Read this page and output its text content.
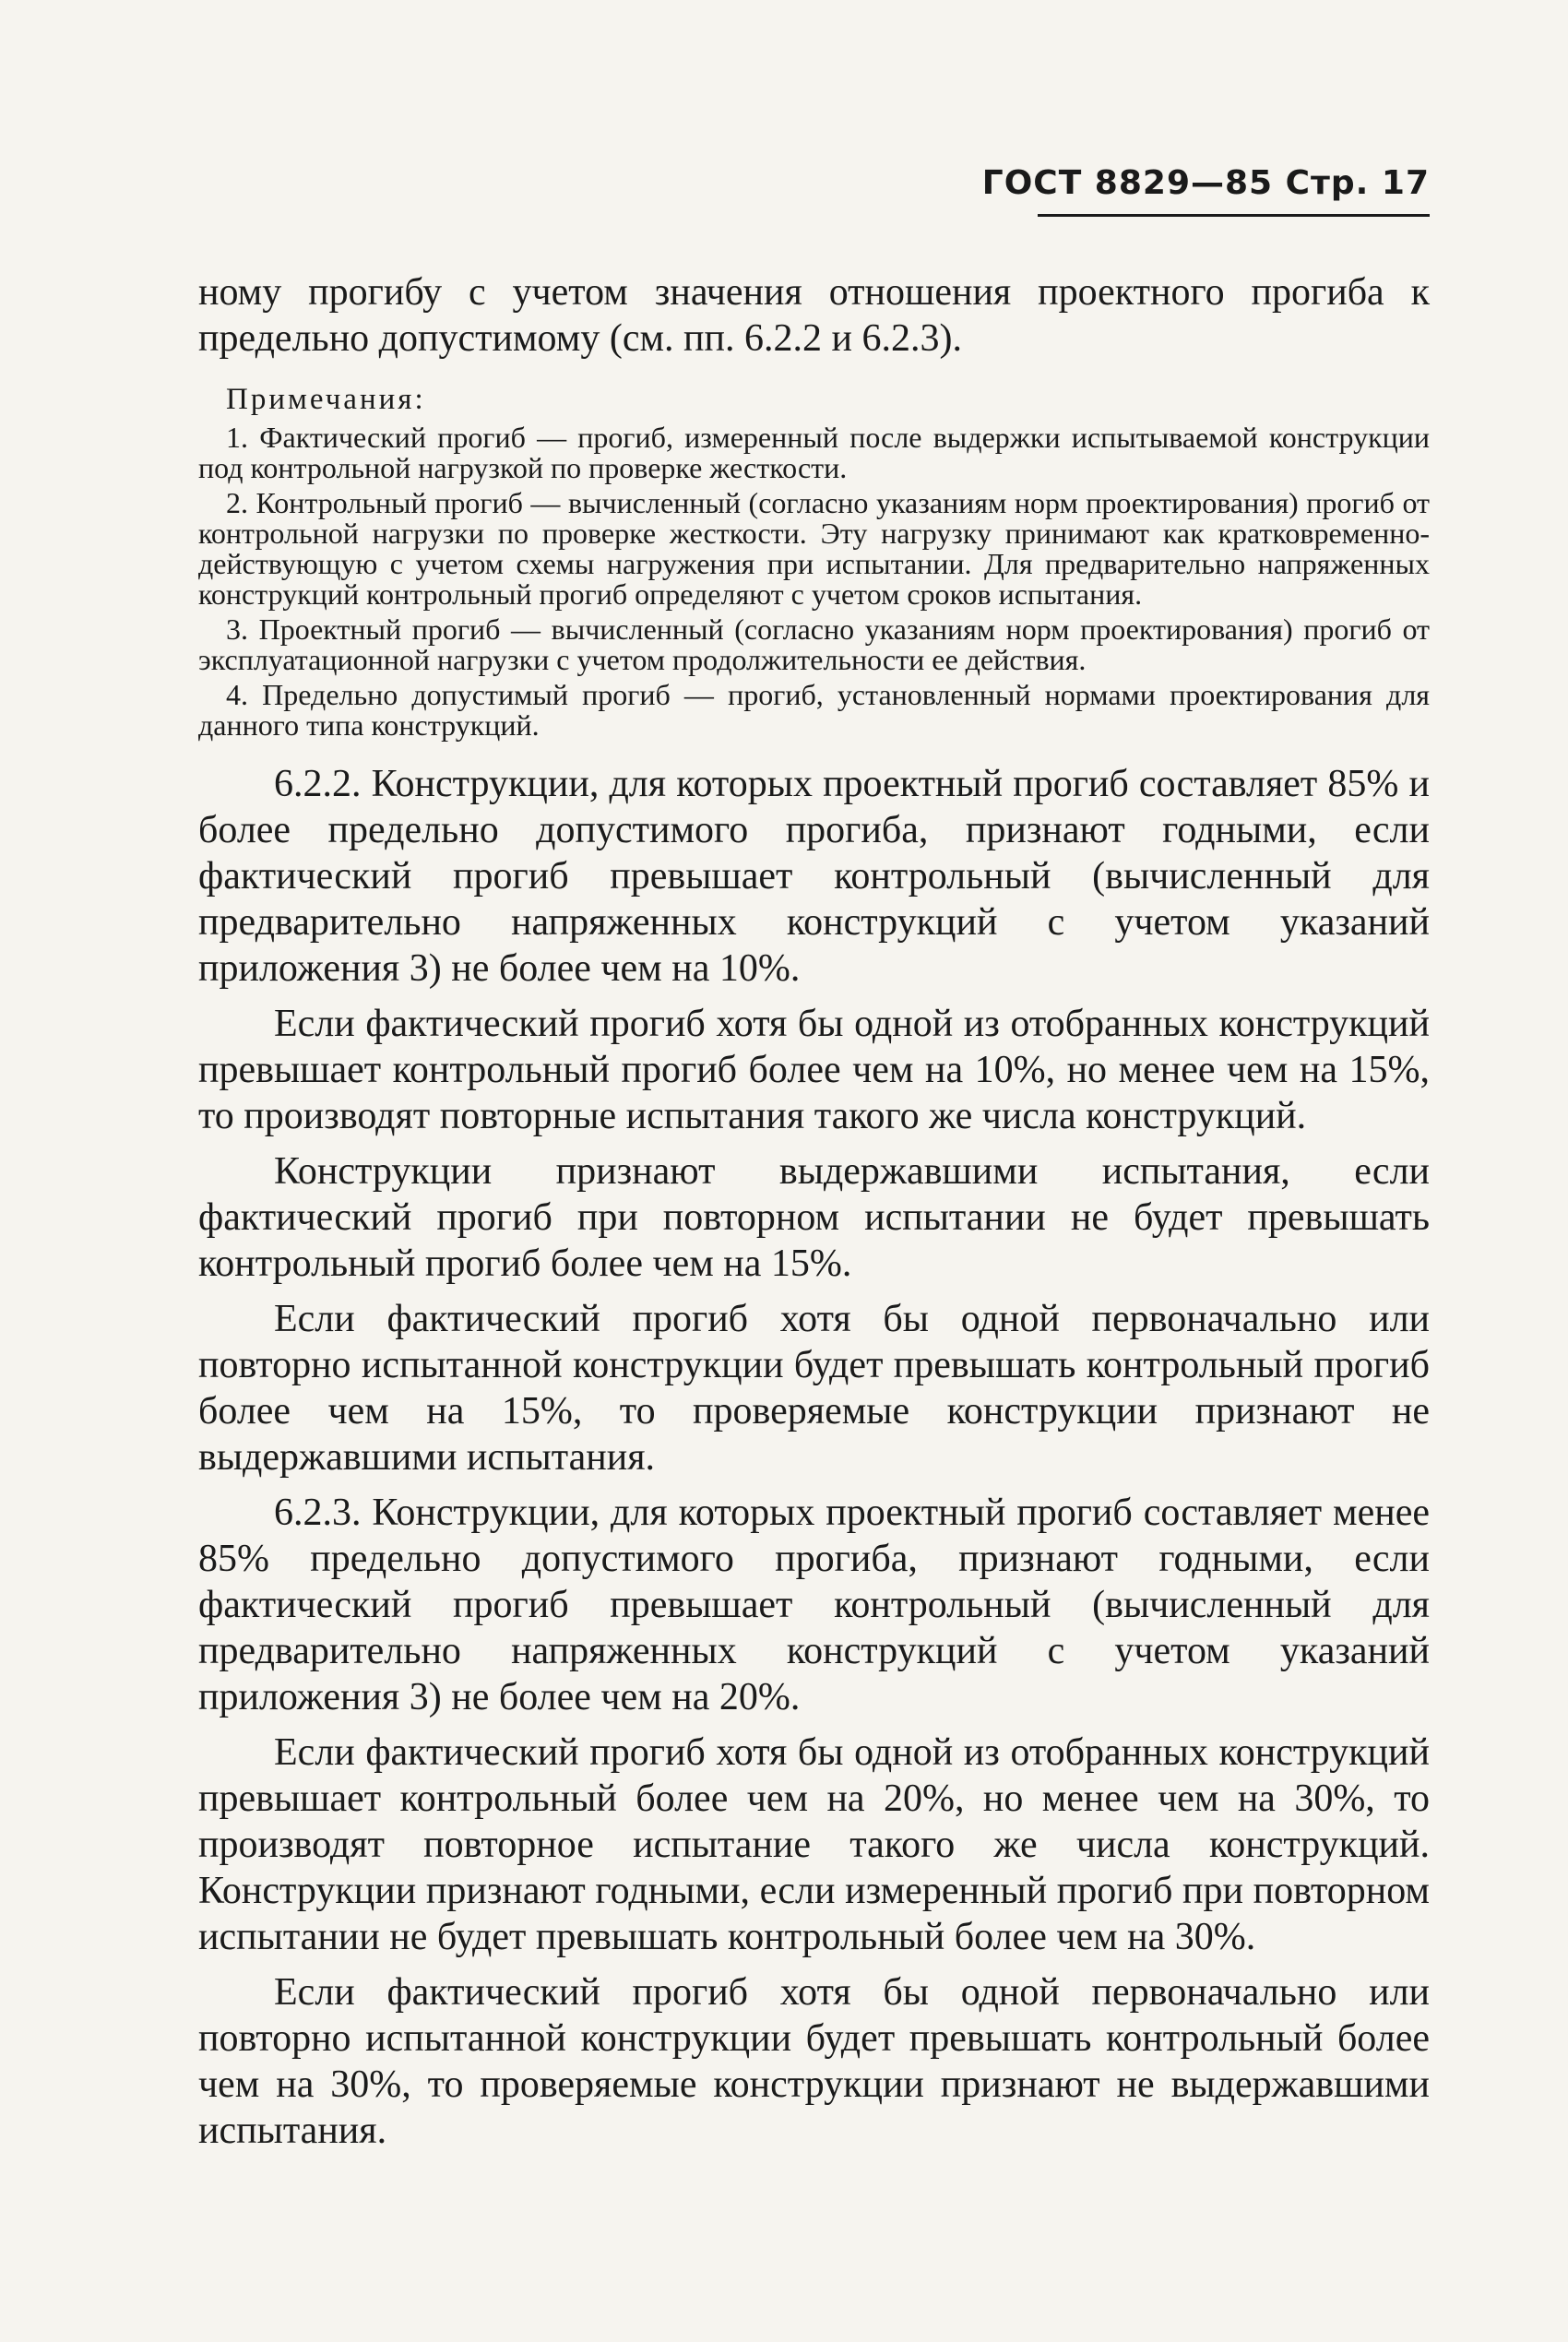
ГОСТ 8829—85 Стр. 17

ному прогибу с учетом значения отношения проектного прогиба к предельно допустимому (см. пп. 6.2.2 и 6.2.3).

Примечания:

1. Фактический прогиб — прогиб, измеренный после выдержки испытываемой конструкции под контрольной нагрузкой по проверке жесткости.

2. Контрольный прогиб — вычисленный (согласно указаниям норм проектирования) прогиб от контрольной нагрузки по проверке жесткости. Эту нагрузку принимают как кратковременно-действующую с учетом схемы нагружения при испытании. Для предварительно напряженных конструкций контрольный прогиб определяют с учетом сроков испытания.

3. Проектный прогиб — вычисленный (согласно указаниям норм проектирования) прогиб от эксплуатационной нагрузки с учетом продолжительности ее действия.

4. Предельно допустимый прогиб — прогиб, установленный нормами проектирования для данного типа конструкций.

6.2.2. Конструкции, для которых проектный прогиб составляет 85% и более предельно допустимого прогиба, признают годными, если фактический прогиб превышает контрольный (вычисленный для предварительно напряженных конструкций с учетом указаний приложения 3) не более чем на 10%.

Если фактический прогиб хотя бы одной из отобранных конструкций превышает контрольный прогиб более чем на 10%, но менее чем на 15%, то производят повторные испытания такого же числа конструкций.

Конструкции признают выдержавшими испытания, если фактический прогиб при повторном испытании не будет превышать контрольный прогиб более чем на 15%.

Если фактический прогиб хотя бы одной первоначально или повторно испытанной конструкции будет превышать контрольный прогиб более чем на 15%, то проверяемые конструкции признают не выдержавшими испытания.

6.2.3. Конструкции, для которых проектный прогиб составляет менее 85% предельно допустимого прогиба, признают годными, если фактический прогиб превышает контрольный (вычисленный для предварительно напряженных конструкций с учетом указаний приложения 3) не более чем на 20%.

Если фактический прогиб хотя бы одной из отобранных конструкций превышает контрольный более чем на 20%, но менее чем на 30%, то производят повторное испытание такого же числа конструкций. Конструкции признают годными, если измеренный прогиб при повторном испытании не будет превышать контрольный более чем на 30%.

Если фактический прогиб хотя бы одной первоначально или повторно испытанной конструкции будет превышать контрольный более чем на 30%, то проверяемые конструкции признают не выдержавшими испытания.
